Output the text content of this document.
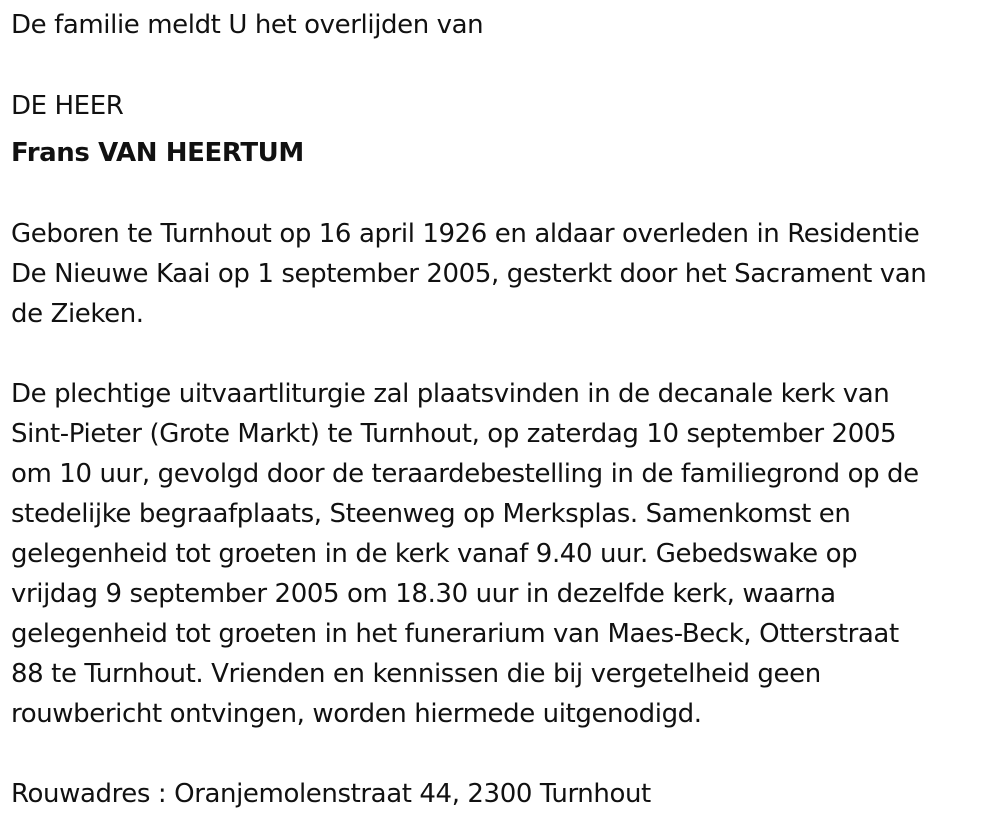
De familie meldt U het overlijden van
DE HEER
Frans VAN HEERTUM
Geboren te Turnhout op 16 april 1926 en aldaar overleden in Residentie
De Nieuwe Kaai op 1 september 2005, gesterkt door het Sacrament van
de Zieken.
De plechtige uitvaartliturgie zal plaatsvinden in de decanale kerk van
Sint-Pieter (Grote Markt) te Turnhout, op zaterdag 10 september 2005
om 10 uur, gevolgd door de teraardebestelling in de familiegrond op de
stedelijke begraafplaats, Steenweg op Merksplas. Samenkomst en
gelegenheid tot groeten in de kerk vanaf 9.40 uur. Gebedswake op
vrijdag 9 september 2005 om 18.30 uur in dezelfde kerk, waarna
gelegenheid tot groeten in het funerarium van Maes-Beck, Otterstraat
88 te Turnhout. Vrienden en kennissen die bij vergetelheid geen
rouwbericht ontvingen, worden hiermede uitgenodigd.
Rouwadres : Oranjemolenstraat 44, 2300 Turnhout
